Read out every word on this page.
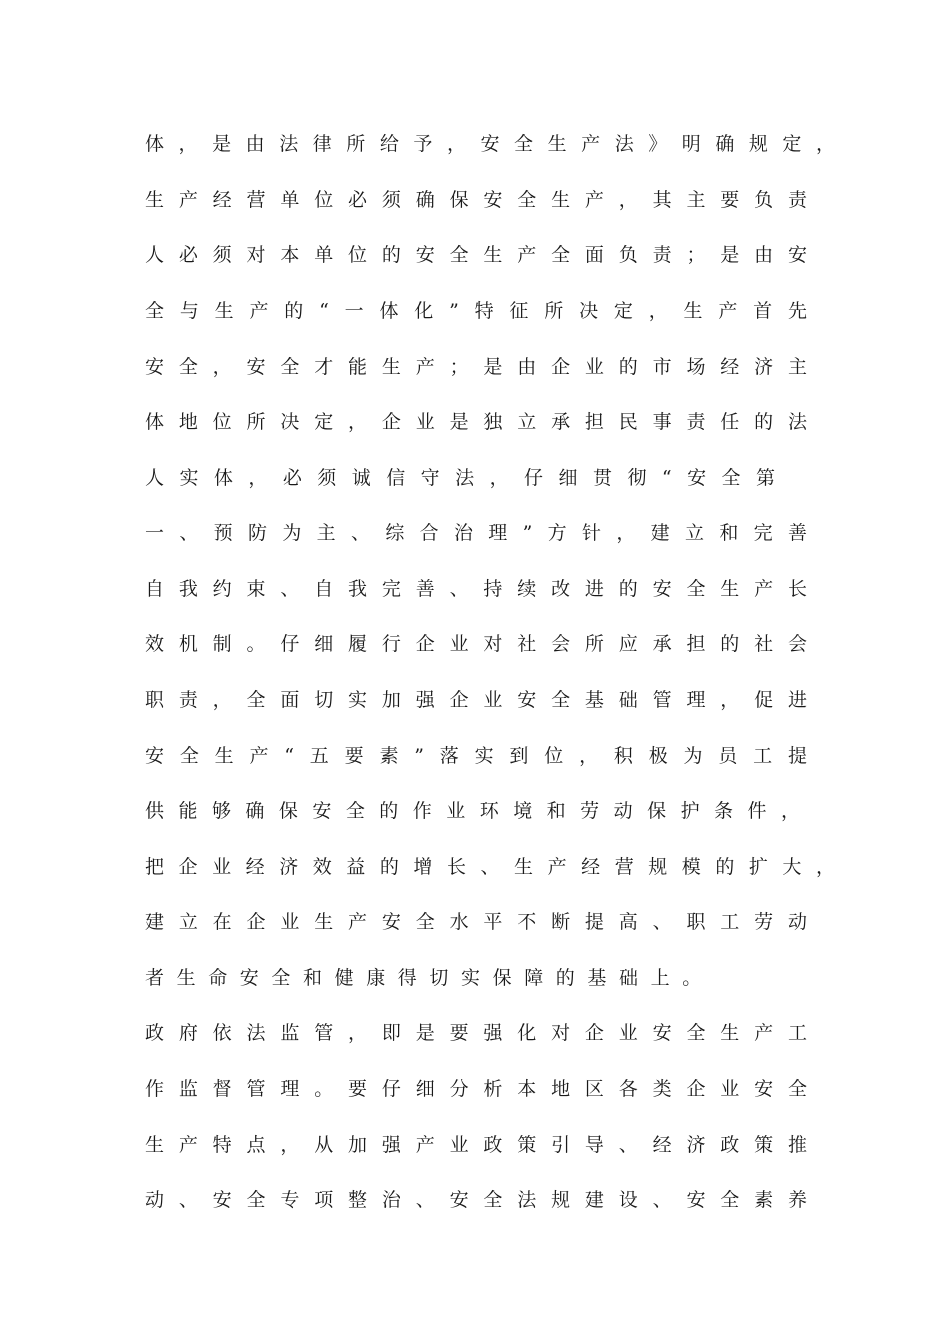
体，是由法律所给予，安全生产法》明确规定，
生产经营单位必须确保安全生产，其主要负责
人必须对本单位的安全生产全面负责；是由安
全与生产的“一体化”特征所决定，生产首先
安全，安全才能生产；是由企业的市场经济主
体地位所决定，企业是独立承担民事责任的法
人实体，必须诚信守法，仔细贯彻“安全第
一、预防为主、综合治理”方针，建立和完善
自我约束、自我完善、持续改进的安全生产长
效机制。仔细履行企业对社会所应承担的社会
职责，全面切实加强企业安全基础管理，促进
安全生产“五要素”落实到位，积极为员工提
供能够确保安全的作业环境和劳动保护条件，
把企业经济效益的增长、生产经营规模的扩大，
建立在企业生产安全水平不断提高、职工劳动
者生命安全和健康得切实保障的基础上。
政府依法监管，即是要强化对企业安全生产工
作监督管理。要仔细分析本地区各类企业安全
生产特点，从加强产业政策引导、经济政策推
动、安全专项整治、安全法规建设、安全素养
